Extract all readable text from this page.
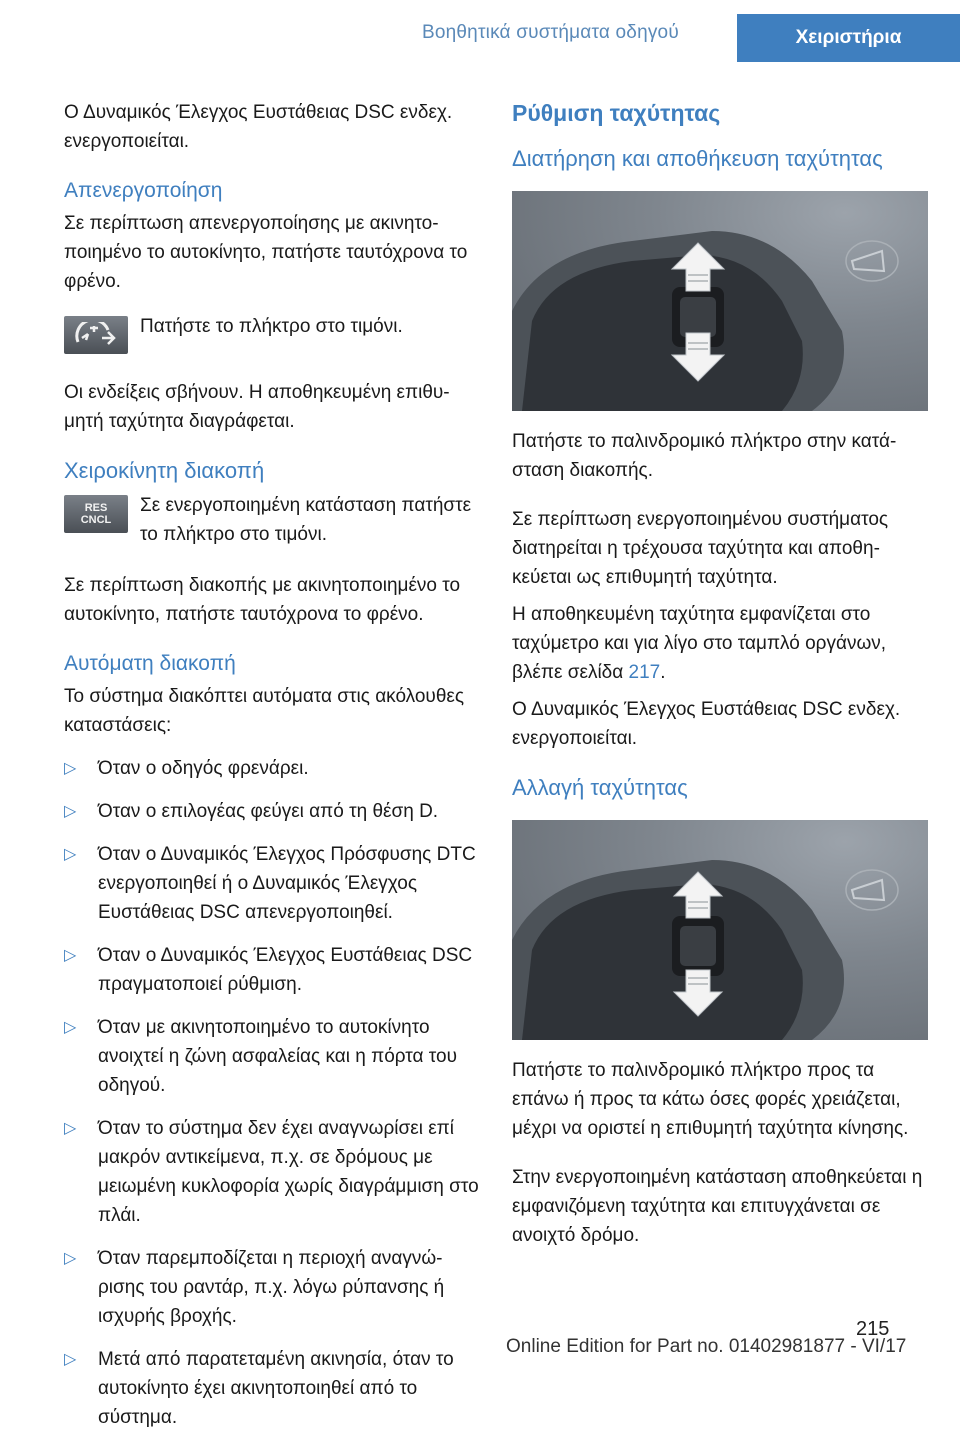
Βοηθητικά συστήματα οδηγού	Χειριστήρια

Ο Δυναμικός Έλεγχος Ευστάθειας DSC ενδεχ. ενεργοποιείται.

Απενεργοποίηση

Σε περίπτωση απενεργοποίησης με ακινητοποιημένο το αυτοκίνητο, πατήστε ταυτόχρονα το φρένο.

Πατήστε το πλήκτρο στο τιμόνι.

Οι ενδείξεις σβήνουν. Η αποθηκευμένη επιθυμητή ταχύτητα διαγράφεται.

Χειροκίνητη διακοπή
RES
CNCL
Σε ενεργοποιημένη κατάσταση πατήστε το πλήκτρο στο τιμόνι.

Σε περίπτωση διακοπής με ακινητοποιημένο το αυτοκίνητο, πατήστε ταυτόχρονα το φρένο.

Αυτόματη διακοπή

Το σύστημα διακόπτει αυτόματα στις ακόλουθες καταστάσεις:

▷ Όταν ο οδηγός φρενάρει.
▷ Όταν ο επιλογέας φεύγει από τη θέση D.
▷ Όταν ο Δυναμικός Έλεγχος Πρόσφυσης DTC ενεργοποιηθεί ή ο Δυναμικός Έλεγχος Ευστάθειας DSC απενεργοποιηθεί.
▷ Όταν ο Δυναμικός Έλεγχος Ευστάθειας DSC πραγματοποιεί ρύθμιση.
▷ Όταν με ακινητοποιημένο το αυτοκίνητο ανοιχτεί η ζώνη ασφαλείας και η πόρτα του οδηγού.
▷ Όταν το σύστημα δεν έχει αναγνωρίσει επί μακρόν αντικείμενα, π.χ. σε δρόμους με μειωμένη κυκλοφορία χωρίς διαγράμμιση στο πλάι.
▷ Όταν παρεμποδίζεται η περιοχή αναγνώρισης του ραντάρ, π.χ. λόγω ρύπανσης ή ισχυρής βροχής.
▷ Μετά από παρατεταμένη ακινησία, όταν το αυτοκίνητο έχει ακινητοποιηθεί από το σύστημα.
Ρύθμιση ταχύτητας
Διατήρηση και αποθήκευση ταχύτητας

Πατήστε το παλινδρομικό πλήκτρο στην κατάσταση διακοπής.

Σε περίπτωση ενεργοποιημένου συστήματος διατηρείται η τρέχουσα ταχύτητα και αποθηκεύεται ως επιθυμητή ταχύτητα.

Η αποθηκευμένη ταχύτητα εμφανίζεται στο ταχύμετρο και για λίγο στο ταμπλό οργάνων, βλέπε σελίδα 217.

Ο Δυναμικός Έλεγχος Ευστάθειας DSC ενδεχ. ενεργοποιείται.

Αλλαγή ταχύτητας

Πατήστε το παλινδρομικό πλήκτρο προς τα επάνω ή προς τα κάτω όσες φορές χρειάζεται, μέχρι να οριστεί η επιθυμητή ταχύτητα κίνησης.

Στην ενεργοποιημένη κατάσταση αποθηκεύεται η εμφανιζόμενη ταχύτητα και επιτυγχάνεται σε ανοιχτό δρόμο.

215
Online Edition for Part no. 01402981877 - VI/17
